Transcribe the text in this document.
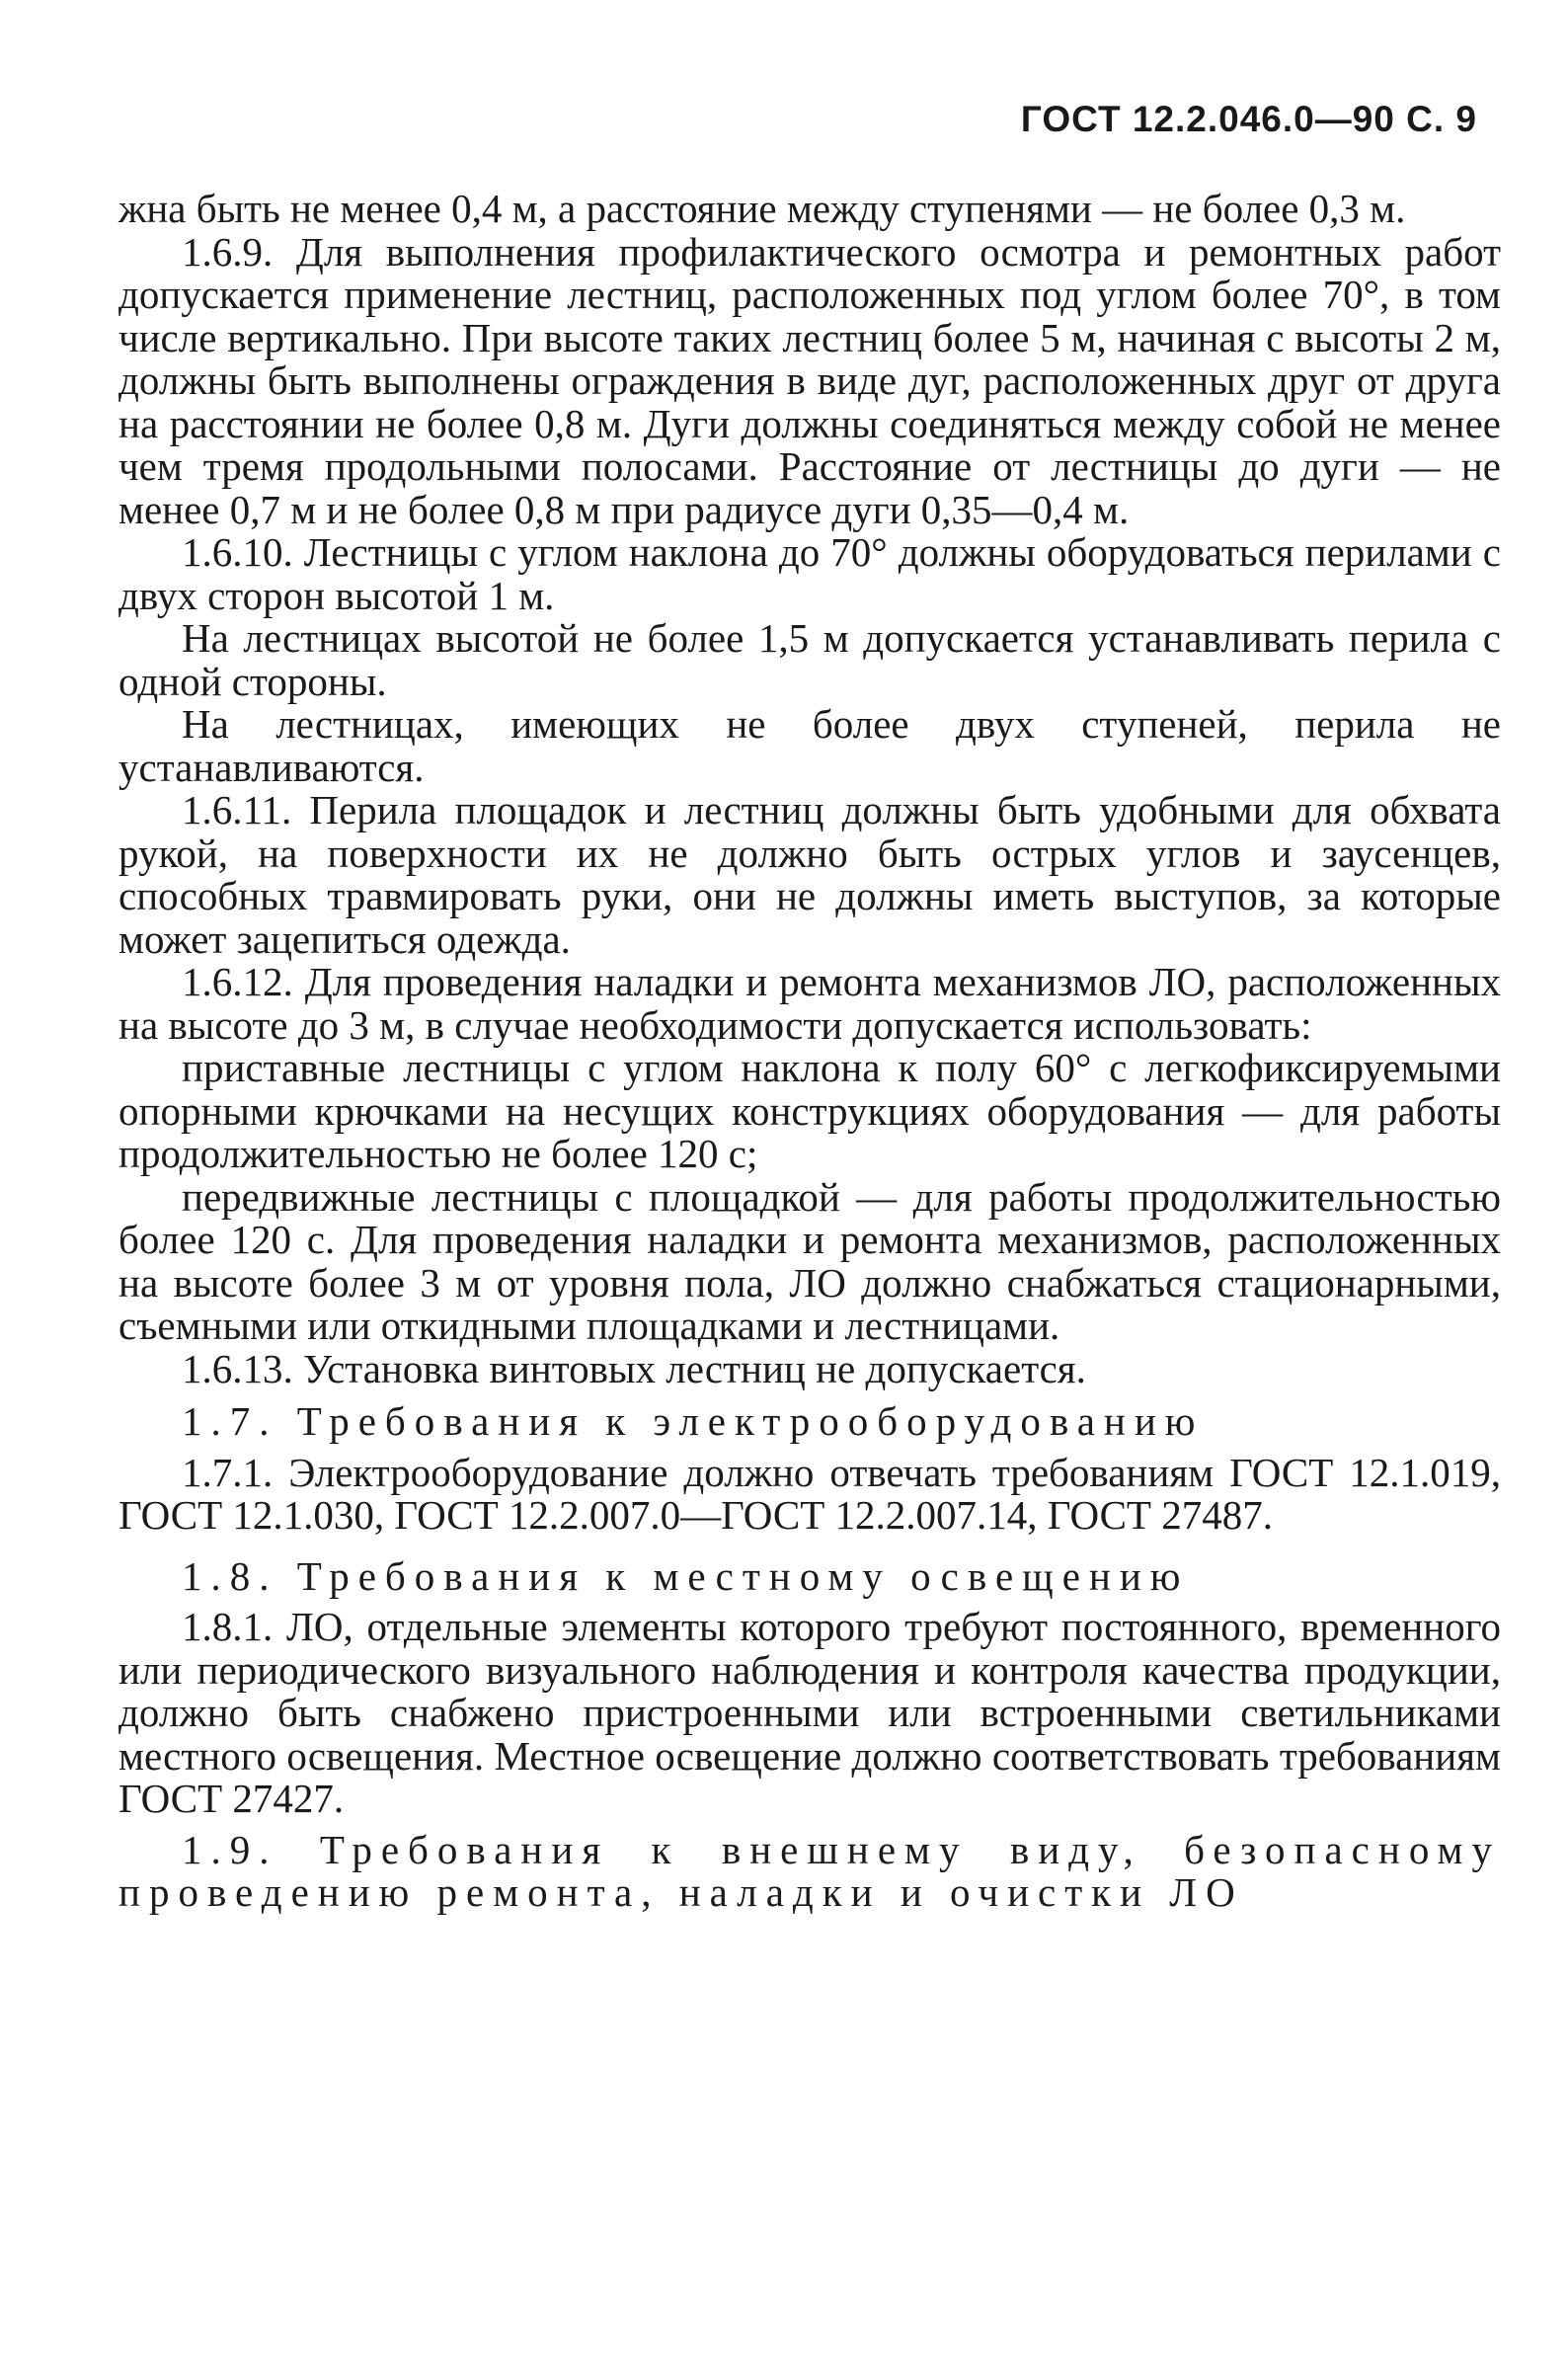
ГОСТ 12.2.046.0—90 С. 9

жна быть не менее 0,4 м, а расстояние между ступенями — не более 0,3 м.

1.6.9. Для выполнения профилактического осмотра и ремонтных работ допускается применение лестниц, расположенных под углом более 70°, в том числе вертикально. При высоте таких лестниц более 5 м, начиная с высоты 2 м, должны быть выполнены ограждения в виде дуг, расположенных друг от друга на расстоянии не более 0,8 м. Дуги должны соединяться между собой не менее чем тремя продольными полосами. Расстояние от лестницы до дуги — не менее 0,7 м и не более 0,8 м при радиусе дуги 0,35—0,4 м.

1.6.10. Лестницы с углом наклона до 70° должны оборудоваться перилами с двух сторон высотой 1 м.

На лестницах высотой не более 1,5 м допускается устанавливать перила с одной стороны.

На лестницах, имеющих не более двух ступеней, перила не устанавливаются.

1.6.11. Перила площадок и лестниц должны быть удобными для обхвата рукой, на поверхности их не должно быть острых углов и заусенцев, способных травмировать руки, они не должны иметь выступов, за которые может зацепиться одежда.

1.6.12. Для проведения наладки и ремонта механизмов ЛО, расположенных на высоте до 3 м, в случае необходимости допускается использовать:

приставные лестницы с углом наклона к полу 60° с легкофиксируемыми опорными крючками на несущих конструкциях оборудования — для работы продолжительностью не более 120 с;

передвижные лестницы с площадкой — для работы продолжительностью более 120 с. Для проведения наладки и ремонта механизмов, расположенных на высоте более 3 м от уровня пола, ЛО должно снабжаться стационарными, съемными или откидными площадками и лестницами.

1.6.13. Установка винтовых лестниц не допускается.

1.7. Требования к электрооборудованию

1.7.1. Электрооборудование должно отвечать требованиям ГОСТ 12.1.019, ГОСТ 12.1.030, ГОСТ 12.2.007.0—ГОСТ 12.2.007.14, ГОСТ 27487.

1.8. Требования к местному освещению

1.8.1. ЛО, отдельные элементы которого требуют постоянного, временного или периодического визуального наблюдения и контроля качества продукции, должно быть снабжено пристроенными или встроенными светильниками местного освещения. Местное освещение должно соответствовать требованиям ГОСТ 27427.

1.9. Требования к внешнему виду, безопасному проведению ремонта, наладки и очистки ЛО
